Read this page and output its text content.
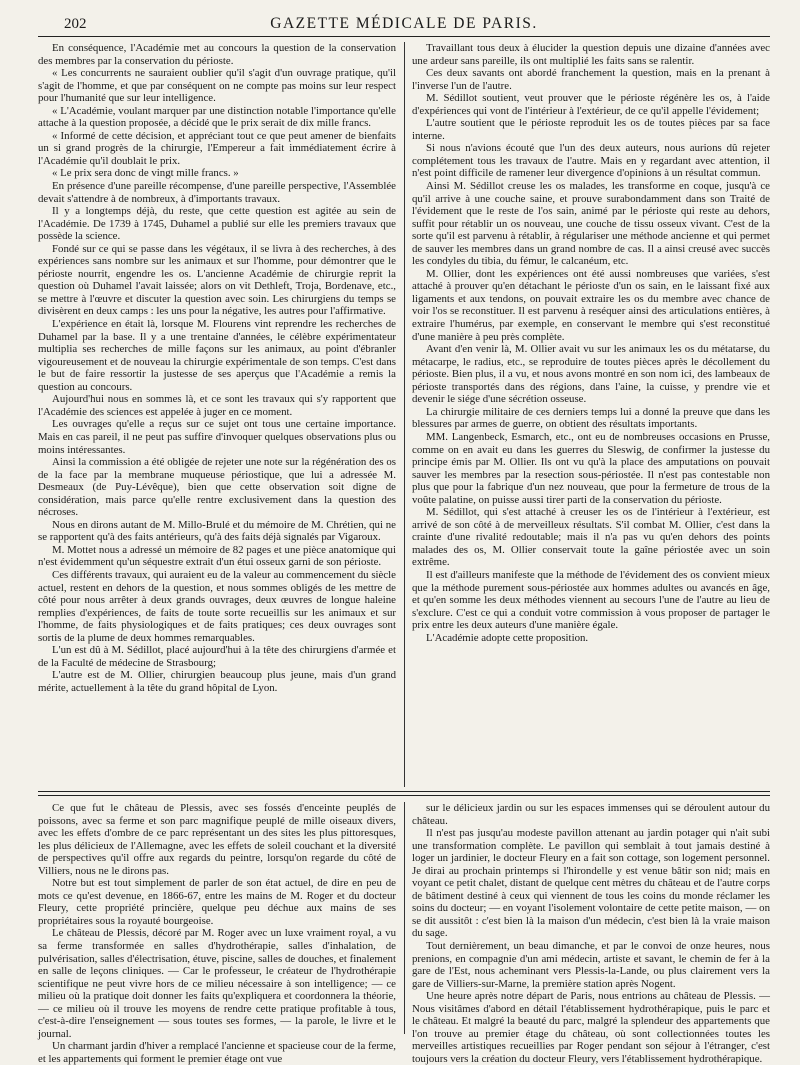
202	GAZETTE MÉDICALE DE PARIS.

En conséquence, l'Académie met au concours la question de la conservation des membres par la conservation du périoste.

« Les concurrents ne sauraient oublier qu'il s'agit d'un ouvrage pratique, qu'il s'agit de l'homme, et que par conséquent on ne compte pas moins sur leur respect pour l'humanité que sur leur intelligence.

« L'Académie, voulant marquer par une distinction notable l'importance qu'elle attache à la question proposée, a décidé que le prix serait de dix mille francs.

« Informé de cette décision, et appréciant tout ce que peut amener de bienfaits un si grand progrès de la chirurgie, l'Empereur a fait immédiatement écrire à l'Académie qu'il doublait le prix.

« Le prix sera donc de vingt mille francs. »

En présence d'une pareille récompense, d'une pareille perspective, l'Assemblée devait s'attendre à de nombreux, à d'importants travaux.

Il y a longtemps déjà, du reste, que cette question est agitée au sein de l'Académie. De 1739 à 1745, Duhamel a publié sur elle les premiers travaux que possède la science.

Fondé sur ce qui se passe dans les végétaux, il se livra à des recherches, à des expériences sans nombre sur les animaux et sur l'homme, pour démontrer que le périoste nourrit, engendre les os. L'ancienne Académie de chirurgie reprit la question où Duhamel l'avait laissée; alors on vit Dethleft, Troja, Bordenave, etc., se mettre à l'œuvre et discuter la question avec soin. Les chirurgiens du temps se divisèrent en deux camps : les uns pour la négative, les autres pour l'affirmative.

L'expérience en était là, lorsque M. Flourens vint reprendre les recherches de Duhamel par la base. Il y a une trentaine d'années, le célèbre expérimentateur multiplia ses recherches de mille façons sur les animaux, au point d'ébranler vigoureusement et de nouveau la chirurgie expérimentale de son temps. C'est dans le but de faire ressortir la justesse de ses aperçus que l'Académie a remis la question au concours.

Aujourd'hui nous en sommes là, et ce sont les travaux qui s'y rapportent que l'Académie des sciences est appelée à juger en ce moment.

Les ouvrages qu'elle a reçus sur ce sujet ont tous une certaine importance. Mais en cas pareil, il ne peut pas suffire d'invoquer quelques observations plus ou moins intéressantes.

Ainsi la commission a été obligée de rejeter une note sur la régénération des os de la face par la membrane muqueuse périostique, que lui a adressée M. Desmeaux (de Puy-Lévêque), bien que cette observation soit digne de considération, mais parce qu'elle rentre exclusivement dans la question des nécroses.

Nous en dirons autant de M. Millo-Brulé et du mémoire de M. Chrétien, qui ne se rapportent qu'à des faits antérieurs, qu'à des faits déjà signalés par Vigaroux.

M. Mottet nous a adressé un mémoire de 82 pages et une pièce anatomique qui n'est évidemment qu'un séquestre extrait d'un étui osseux garni de son périoste.

Ces différents travaux, qui auraient eu de la valeur au commencement du siècle actuel, restent en dehors de la question, et nous sommes obligés de les mettre de côté pour nous arrêter à deux grands ouvrages, deux œuvres de longue haleine remplies d'expériences, de faits de toute sorte recueillis sur les animaux et sur l'homme, de faits physiologiques et de faits pratiques; ces deux ouvrages sont sortis de la plume de deux hommes remarquables.

L'un est dû à M. Sédillot, placé aujourd'hui à la tête des chirurgiens d'armée et de la Faculté de médecine de Strasbourg;

L'autre est de M. Ollier, chirurgien beaucoup plus jeune, mais d'un grand mérite, actuellement à la tête du grand hôpital de Lyon.

Travaillant tous deux à élucider la question depuis une dizaine d'années avec une ardeur sans pareille, ils ont multiplié les faits sans se ralentir.

Ces deux savants ont abordé franchement la question, mais en la prenant à l'inverse l'un de l'autre.

M. Sédillot soutient, veut prouver que le périoste régénère les os, à l'aide d'expériences qui vont de l'intérieur à l'extérieur, de ce qu'il appelle l'évidement;

L'autre soutient que le périoste reproduit les os de toutes pièces par sa face interne.

Si nous n'avions écouté que l'un des deux auteurs, nous aurions dû rejeter complétement tous les travaux de l'autre. Mais en y regardant avec attention, il n'est point difficile de ramener leur divergence d'opinions à un résultat commun.

Ainsi M. Sédillot creuse les os malades, les transforme en coque, jusqu'à ce qu'il arrive à une couche saine, et prouve surabondamment dans son Traité de l'évidement que le reste de l'os sain, animé par le périoste qui reste au dehors, suffit pour rétablir un os nouveau, une couche de tissu osseux vivant. C'est de la sorte qu'il est parvenu à rétablir, à régulariser une méthode ancienne et qui permet de sauver les membres dans un grand nombre de cas. Il a ainsi creusé avec succès les condyles du tibia, du fémur, le calcanéum, etc.

M. Ollier, dont les expériences ont été aussi nombreuses que variées, s'est attaché à prouver qu'en détachant le périoste d'un os sain, en le laissant fixé aux ligaments et aux tendons, on pouvait extraire les os du membre avec chance de voir l'os se reconstituer. Il est parvenu à reséquer ainsi des articulations entières, à extraire l'humérus, par exemple, en conservant le membre qui s'est reconstitué d'une manière à peu près complète.

Avant d'en venir là, M. Ollier avait vu sur les animaux les os du métatarse, du métacarpe, le radius, etc., se reproduire de toutes pièces après le décollement du périoste. Bien plus, il a vu, et nous avons montré en son nom ici, des lambeaux de périoste transportés dans des régions, dans l'aine, la cuisse, y prendre vie et devenir le siége d'une sécrétion osseuse.

La chirurgie militaire de ces derniers temps lui a donné la preuve que dans les blessures par armes de guerre, on obtient des résultats importants.

MM. Langenbeck, Esmarch, etc., ont eu de nombreuses occasions en Prusse, comme on en avait eu dans les guerres du Sleswig, de confirmer la justesse du principe émis par M. Ollier. Ils ont vu qu'à la place des amputations on pouvait sauver les membres par la resection sous-périostée. Il n'est pas contestable non plus que pour la fabrique d'un nez nouveau, que pour la fermeture de trous de la voûte palatine, on puisse aussi tirer parti de la conservation du périoste.

M. Sédillot, qui s'est attaché à creuser les os de l'intérieur à l'extérieur, est arrivé de son côté à de merveilleux résultats. S'il combat M. Ollier, c'est dans la crainte d'une rivalité redoutable; mais il n'a pas vu qu'en dehors des points malades des os, M. Ollier conservait toute la gaîne périostée avec un soin extrême.

Il est d'ailleurs manifeste que la méthode de l'évidement des os convient mieux que la méthode purement sous-périostée aux hommes adultes ou avancés en âge, et qu'en somme les deux méthodes viennent au secours l'une de l'autre au lieu de s'exclure. C'est ce qui a conduit votre commission à vous proposer de partager le prix entre les deux auteurs d'une manière égale.

L'Académie adopte cette proposition.

Ce que fut le château de Plessis, avec ses fossés d'enceinte peuplés de poissons, avec sa ferme et son parc magnifique peuplé de mille oiseaux divers, avec les effets d'ombre de ce parc représentant un des sites les plus pittoresques, les plus délicieux de l'Allemagne, avec les effets de soleil couchant et la diversité de perspectives qu'il offre aux regards du peintre, lorsqu'on regarde du côté de Villiers, nous ne le dirons pas.

Notre but est tout simplement de parler de son état actuel, de dire en peu de mots ce qu'est devenue, en 1866-67, entre les mains de M. Roger et du docteur Fleury, cette propriété princière, quelque peu déchue aux mains de ses propriétaires sous la royauté bourgeoise.

Le château de Plessis, décoré par M. Roger avec un luxe vraiment royal, a vu sa ferme transformée en salles d'hydrothérapie, salles d'inhalation, de pulvérisation, salles d'électrisation, étuve, piscine, salles de douches, et finalement en salle de leçons cliniques. — Car le professeur, le créateur de l'hydrothérapie scientifique ne peut vivre hors de ce milieu nécessaire à son intelligence; — ce milieu où la pratique doit donner les faits qu'expliquera et coordonnera la théorie, — ce milieu où il trouve les moyens de rendre cette pratique profitable à tous, c'est-à-dire l'enseignement — sous toutes ses formes, — la parole, le livre et le journal.

Un charmant jardin d'hiver a remplacé l'ancienne et spacieuse cour de la ferme, et les appartements qui forment le premier étage ont vue

sur le délicieux jardin ou sur les espaces immenses qui se déroulent autour du château.

Il n'est pas jusqu'au modeste pavillon attenant au jardin potager qui n'ait subi une transformation complète. Le pavillon qui semblait à tout jamais destiné à loger un jardinier, le docteur Fleury en a fait son cottage, son logement personnel. Je dirai au prochain printemps si l'hirondelle y est venue bâtir son nid; mais en voyant ce petit chalet, distant de quelque cent mètres du château et de l'autre corps de bâtiment destiné à ceux qui viennent de tous les coins du monde réclamer les soins du docteur; — en voyant l'isolement volontaire de cette petite maison, — on se dit aussitôt : c'est bien là la maison d'un médecin, c'est bien là la vraie maison du sage.

Tout dernièrement, un beau dimanche, et par le convoi de onze heures, nous prenions, en compagnie d'un ami médecin, artiste et savant, le chemin de fer à la gare de l'Est, nous acheminant vers Plessis-la-Lande, ou plus clairement vers la gare de Villiers-sur-Marne, la première station après Nogent.

Une heure après notre départ de Paris, nous entrions au château de Plessis. — Nous visitâmes d'abord en détail l'établissement hydrothérapique, puis le parc et le château. Et malgré la beauté du parc, malgré la splendeur des appartements que l'on trouve au premier étage du château, où sont collectionnées toutes les merveilles artistiques recueillies par Roger pendant son séjour à l'étranger, c'est toujours vers la création du docteur Fleury, vers l'établissement hydrothérapique.
